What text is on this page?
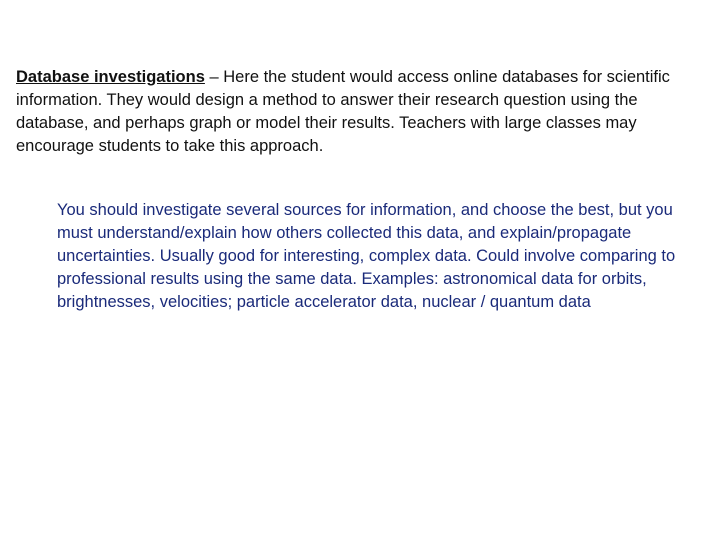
Database investigations – Here the student would access online databases for scientific information. They would design a method to answer their research question using the database, and perhaps graph or model their results. Teachers with large classes may encourage students to take this approach.

You should investigate several sources for information, and choose the best, but you must understand/explain how others collected this data, and explain/propagate uncertainties. Usually good for interesting, complex data. Could involve comparing to professional results using the same data. Examples: astronomical data for orbits, brightnesses, velocities; particle accelerator data, nuclear / quantum data
